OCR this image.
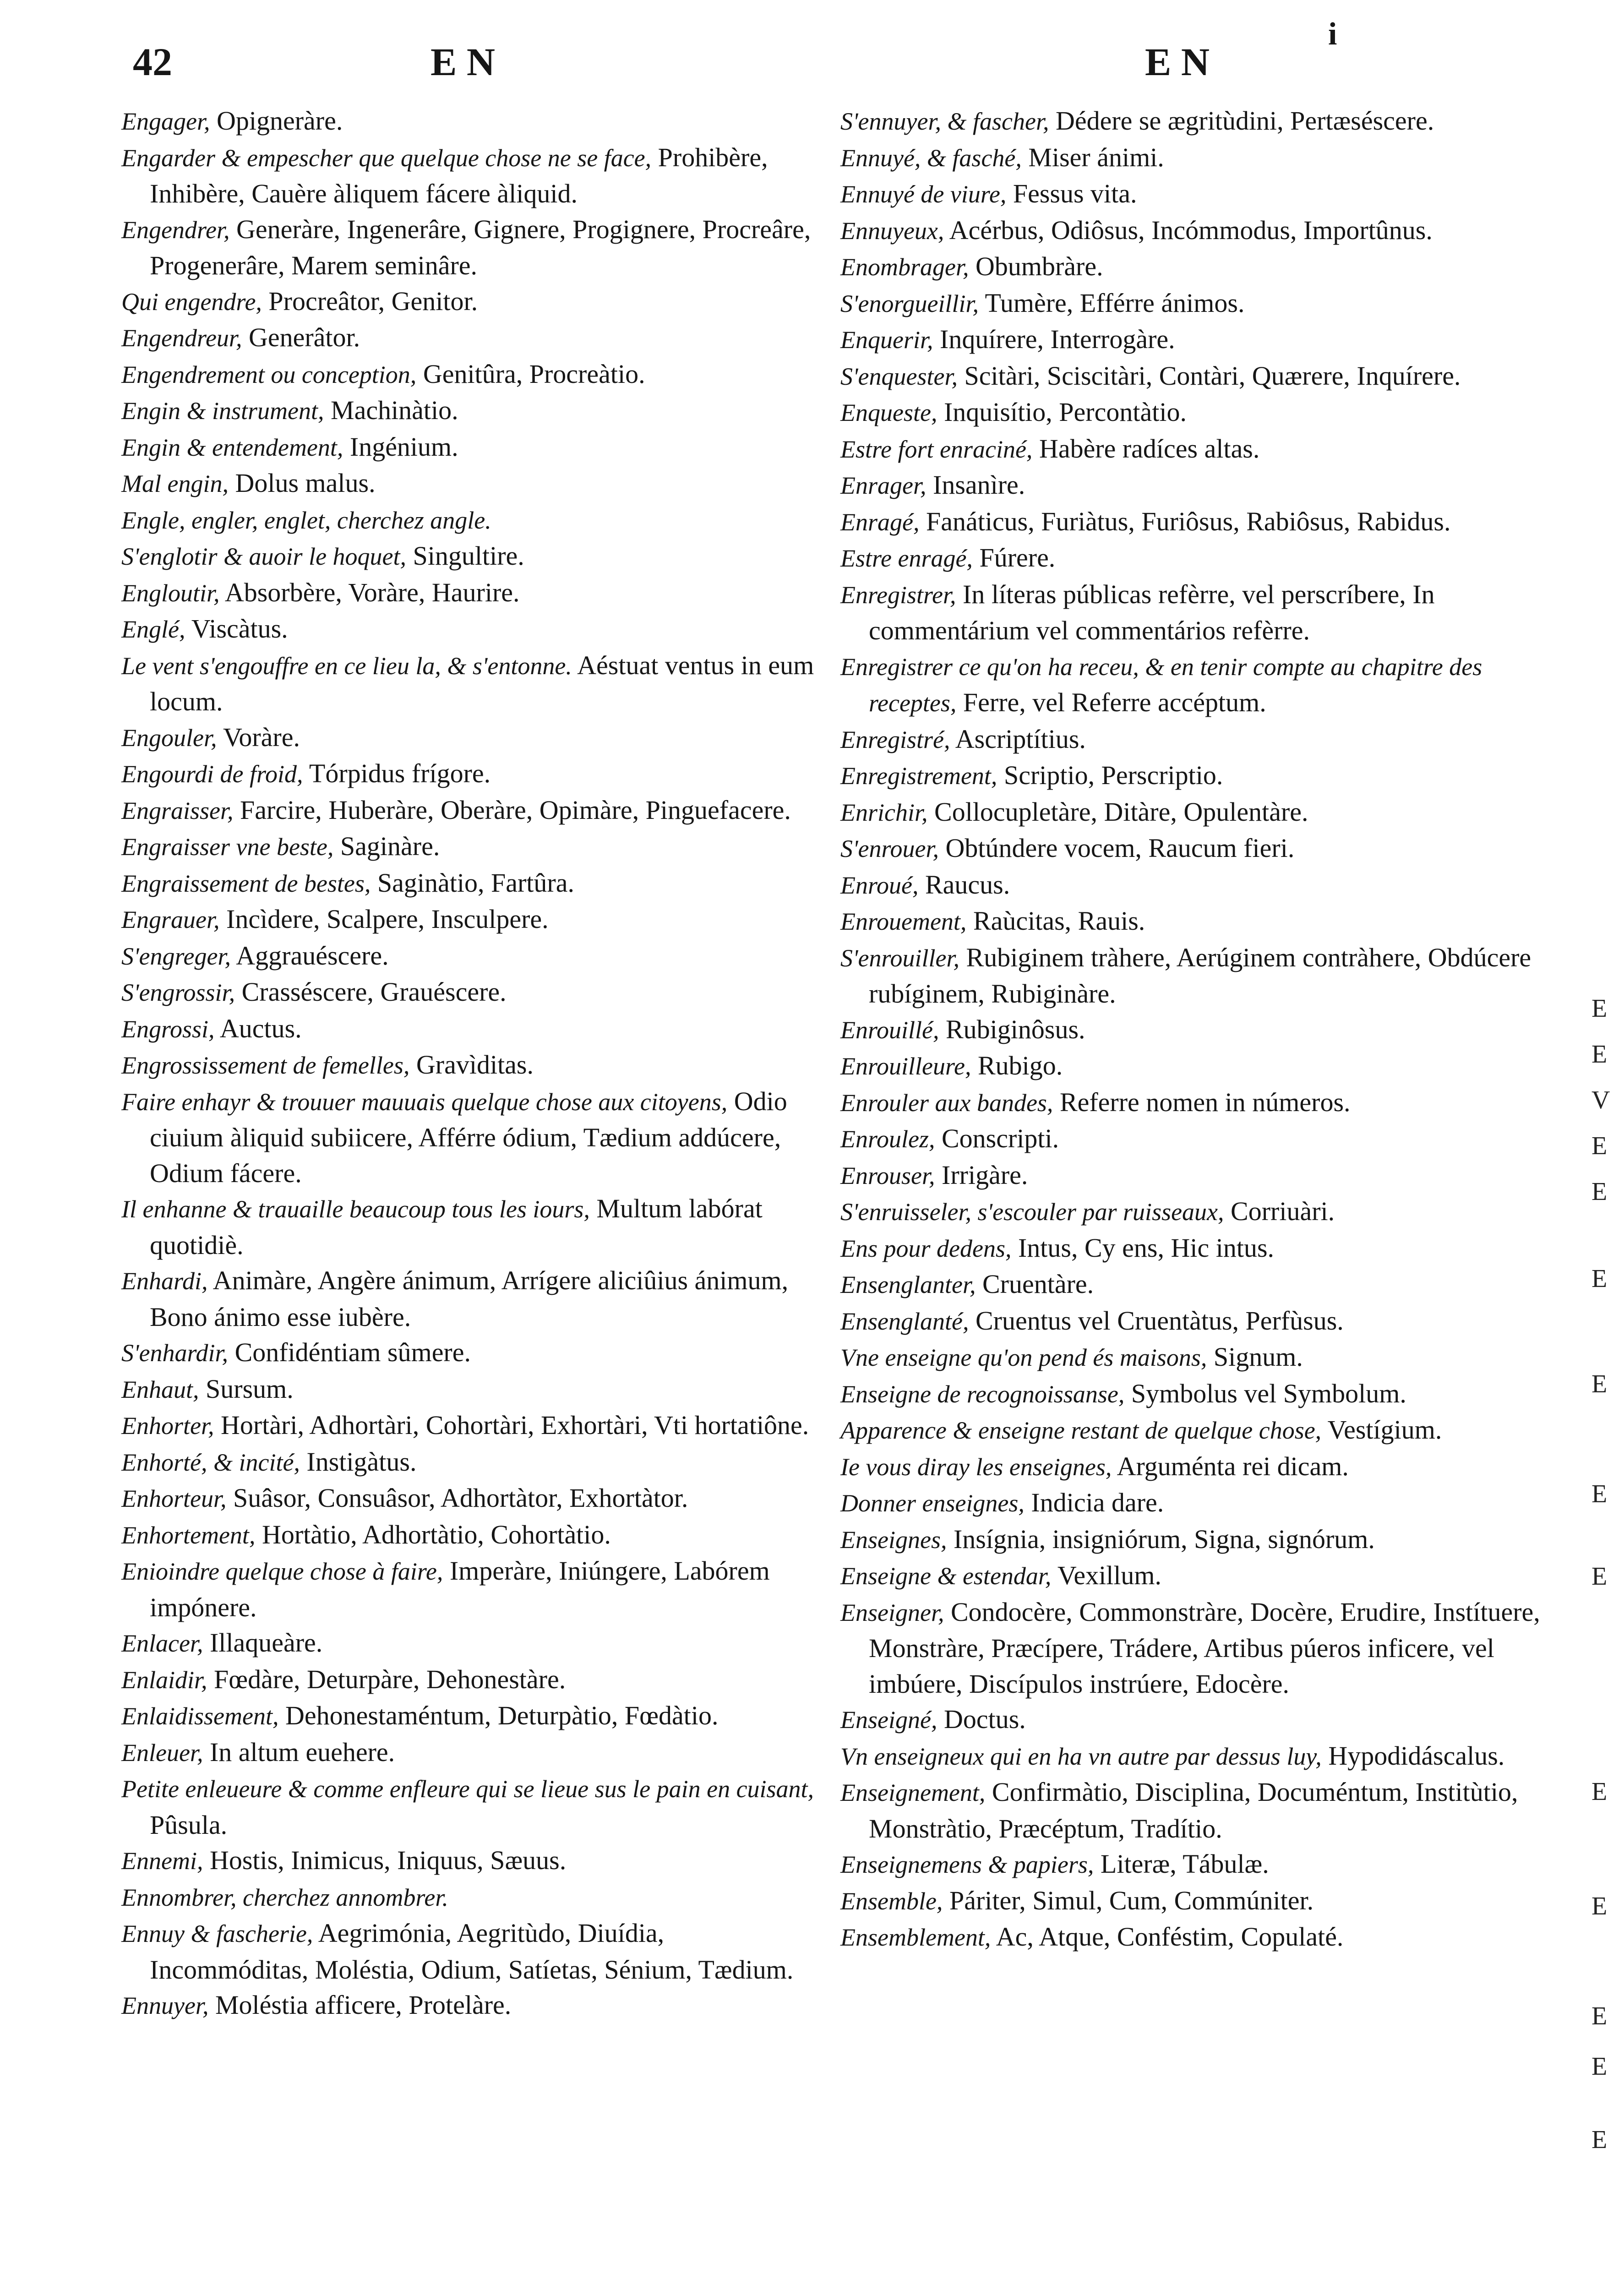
42	E N	E N
i
Engager, Opigneràre.
Engarder & empescher que quelque chose ne se face, Prohibère, Inhibère, Cauère àliquem fácere àliquid.
Engendrer, Generàre, Ingenerâre, Gignere, Progignere, Procreâre, Progenerâre, Marem seminâre.
Qui engendre, Procreâtor, Genitor.
Engendreur, Generâtor.
Engendrement ou conception, Genitûra, Procreàtio.
Engin & instrument, Machinàtio.
Engin & entendement, Ingénium.
Mal engin, Dolus malus.
Engle, engler, englet, cherchez angle.
S'englotir & auoir le hoquet, Singultire.
Engloutir, Absorbère, Voràre, Haurire.
Englé, Viscàtus.
Le vent s'engouffre en ce lieu la, & s'entonne. Aéstuat ventus in eum locum.
Engouler, Voràre.
Engourdi de froid, Tórpidus frígore.
Engraisser, Farcire, Huberàre, Oberàre, Opimàre, Pinguefacere.
Engraisser vne beste, Saginàre.
Engraissement de bestes, Saginàtio, Fartûra.
Engrauer, Incìdere, Scalpere, Insculpere.
S'engreger, Aggrauéscere.
S'engrossir, Crasséscere, Grauéscere.
Engrossi, Auctus.
Engrossissement de femelles, Gravìditas.
Faire enhayr & trouuer mauuais quelque chose aux citoyens, Odio ciuium àliquid subiicere, Afférre ódium, Tædium addúcere, Odium fácere.
Il enhanne & trauaille beaucoup tous les iours, Multum labórat quotidiè.
Enhardi, Animàre, Angère ánimum, Arrígere aliciûius ánimum, Bono ánimo esse iubère.
S'enhardir, Confidéntiam sûmere.
Enhaut, Sursum.
Enhorter, Hortàri, Adhortàri, Cohortàri, Exhortàri, Vti hortatiône.
Enhorté, & incité, Instigàtus.
Enhorteur, Suâsor, Consuâsor, Adhortàtor, Exhortàtor.
Enhortement, Hortàtio, Adhortàtio, Cohortàtio.
Enioindre quelque chose à faire, Imperàre, Iniúngere, Labórem impónere.
Enlacer, Illaqueàre.
Enlaidir, Fœdàre, Deturpàre, Dehonestàre.
Enlaidissement, Dehonestaméntum, Deturpàtio, Fœdàtio.
Enleuer, In altum euehere.
Petite enleueure & comme enfleure qui se lieue sus le pain en cuisant, Pûsula.
Ennemi, Hostis, Inimicus, Iniquus, Sæuus.
Ennombrer, cherchez annombrer.
Ennuy & fascherie, Aegrimónia, Aegritùdo, Diuídia, Incommóditas, Moléstia, Odium, Satíetas, Sénium, Tædium.
Ennuyer, Moléstia afficere, Protelàre.
S'ennuyer, & fascher, Dédere se ægritùdini, Pertæséscere.
Ennuyé, & fasché, Miser ánimi.
Ennuyé de viure, Fessus vita.
Ennuyeux, Acérbus, Odiôsus, Incómmodus, Importûnus.
Enombrager, Obumbràre.
S'enorgueillir, Tumère, Efférre ánimos.
Enquerir, Inquírere, Interrogàre.
S'enquester, Scitàri, Sciscitàri, Contàri, Quærere, Inquírere.
Enqueste, Inquisítio, Percontàtio.
Estre fort enraciné, Habère radíces altas.
Enrager, Insanìre.
Enragé, Fanáticus, Furiàtus, Furiôsus, Rabiôsus, Rabidus.
Estre enragé, Fúrere.
Enregistrer, In líteras públicas refèrre, vel perscríbere, In commentárium vel commentários refèrre.
Enregistrer ce qu'on ha receu, & en tenir compte au chapitre des receptes, Ferre, vel Referre accéptum.
Enregistré, Ascriptítius.
Enregistrement, Scriptio, Perscriptio.
Enrichir, Collocupletàre, Ditàre, Opulentàre.
S'enrouer, Obtúndere vocem, Raucum fieri.
Enroué, Raucus.
Enrouement, Raùcitas, Rauis.
S'enrouiller, Rubiginem tràhere, Aerúginem contràhere, Obdúcere rubíginem, Rubiginàre.
Enrouillé, Rubiginôsus.
Enrouilleure, Rubigo.
Enrouler aux bandes, Referre nomen in números.
Enroulez, Conscripti.
Enrouser, Irrigàre.
S'enruisseler, s'escouler par ruisseaux, Corriuàri.
Ens pour dedens, Intus, Cy ens, Hic intus.
Ensenglanter, Cruentàre.
Ensenglanté, Cruentus vel Cruentàtus, Perfùsus.
Vne enseigne qu'on pend és maisons, Signum.
Enseigne de recognoissanse, Symbolus vel Symbolum.
Apparence & enseigne restant de quelque chose, Vestígium.
Ie vous diray les enseignes, Arguménta rei dicam.
Donner enseignes, Indicia dare.
Enseignes, Insígnia, insigniórum, Signa, signórum.
Enseigne & estendar, Vexillum.
Enseigner, Condocère, Commonstràre, Docère, Erudire, Instítuere, Monstràre, Præcípere, Trádere, Artibus púeros inficere, vel imbúere, Discípulos instrúere, Edocère.
Enseigné, Doctus.
Vn enseigneux qui en ha vn autre par dessus luy, Hypodidáscalus.
Enseignement, Confirmàtio, Disciplina, Documéntum, Institùtio, Monstràtio, Præcéptum, Tradítio.
Enseignemens & papiers, Literæ, Tábulæ.
Ensemble, Páriter, Simul, Cum, Commúniter.
Ensemblement, Ac, Atque, Conféstim, Copulaté.
E
E
V
E
E
E
E
E
E
E
E
E
E
E
